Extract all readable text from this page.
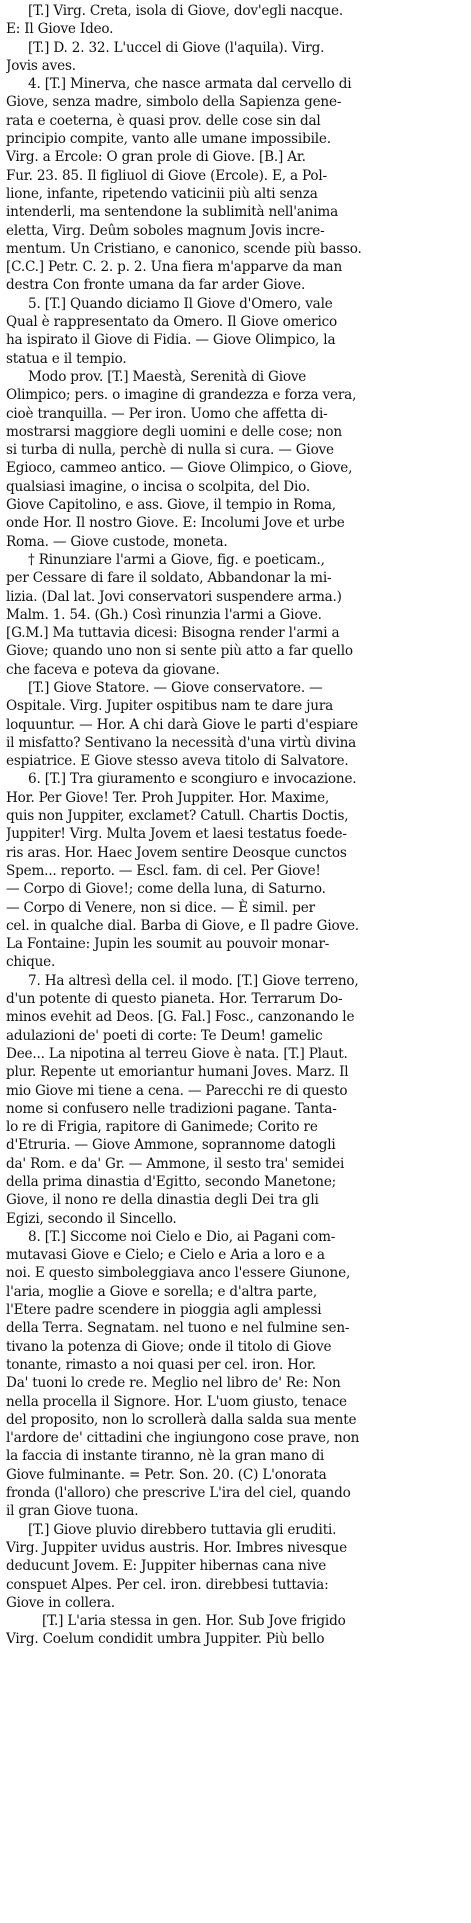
[T.] Virg. Creta, isola di Giove, dov'egli nacque.
E: Il Giove Ideo.
[T.] D. 2. 32. L'uccel di Giove (l'aquila). Virg.
Jovis aves.
4. [T.] Minerva, che nasce armata dal cervello di
Giove, senza madre, simbolo della Sapienza gene-
rata e coeterna, è quasi prov. delle cose sin dal
principio compite, vanto alle umane impossibile.
Virg. a Ercole: O gran prole di Giove. [B.] Ar.
Fur. 23. 85. Il figliuol di Giove (Ercole). E, a Pol-
lione, infante, ripetendo vaticinii più alti senza
intenderli, ma sentendone la sublimità nell'anima
eletta, Virg. Deûm soboles magnum Jovis incre-
mentum. Un Cristiano, e canonico, scende più basso.
[C.C.] Petr. C. 2. p. 2. Una fiera m'apparve da man
destra Con fronte umana da far arder Giove.
5. [T.] Quando diciamo Il Giove d'Omero, vale
Qual è rappresentato da Omero. Il Giove omerico
ha ispirato il Giove di Fidia. — Giove Olimpico, la
statua e il tempio.
Modo prov. [T.] Maestà, Serenità di Giove
Olimpico; pers. o imagine di grandezza e forza vera,
cioè tranquilla. — Per iron. Uomo che affetta di-
mostrarsi maggiore degli uomini e delle cose; non
si turba di nulla, perchè di nulla si cura. — Giove
Egioco, cammeo antico. — Giove Olimpico, o Giove,
qualsiasi imagine, o incisa o scolpita, del Dio.
Giove Capitolino, e ass. Giove, il tempio in Roma,
onde Hor. Il nostro Giove. E: Incolumi Jove et urbe
Roma. — Giove custode, moneta.
† Rinunziare l'armi a Giove, fig. e poeticam.,
per Cessare di fare il soldato, Abbandonar la mi-
lizia. (Dal lat. Jovi conservatori suspendere arma.)
Malm. 1. 54. (Gh.) Così rinunzia l'armi a Giove.
[G.M.] Ma tuttavia dicesi: Bisogna render l'armi a
Giove; quando uno non si sente più atto a far quello
che faceva e poteva da giovane.
[T.] Giove Statore. — Giove conservatore. —
Ospitale. Virg. Jupiter ospitibus nam te dare jura
loquuntur. — Hor. A chi darà Giove le parti d'espiare
il misfatto? Sentivano la necessità d'una virtù divina
espiatrice. E Giove stesso aveva titolo di Salvatore.
6. [T.] Tra giuramento e scongiuro e invocazione.
Hor. Per Giove! Ter. Proh Juppiter. Hor. Maxime,
quis non Juppiter, exclamet? Catull. Chartis Doctis,
Juppiter! Virg. Multa Jovem et laesi testatus foede-
ris aras. Hor. Haec Jovem sentire Deosque cunctos
Spem... reporto. — Escl. fam. di cel. Per Giove!
— Corpo di Giove!; come della luna, di Saturno.
— Corpo di Venere, non si dice. — È simil. per
cel. in qualche dial. Barba di Giove, e Il padre Giove.
La Fontaine: Jupin les soumit au pouvoir monar-
chique.
7. Ha altresì della cel. il modo. [T.] Giove terreno,
d'un potente di questo pianeta. Hor. Terrarum Do-
minos evehit ad Deos. [G. Fal.] Fosc., canzonando le
adulazioni de' poeti di corte: Te Deum! gamelic
Dee... La nipotina al terreu Giove è nata. [T.] Plaut.
plur. Repente ut emoriantur humani Joves. Marz. Il
mio Giove mi tiene a cena. — Parecchi re di questo
nome si confusero nelle tradizioni pagane. Tanta-
lo re di Frigia, rapitore di Ganimede; Corito re
d'Etruria. — Giove Ammone, soprannome datogli
da' Rom. e da' Gr. — Ammone, il sesto tra' semidei
della prima dinastia d'Egitto, secondo Manetone;
Giove, il nono re della dinastia degli Dei tra gli
Egizi, secondo il Sincello.
8. [T.] Siccome noi Cielo e Dio, ai Pagani com-
mutavasi Giove e Cielo; e Cielo e Aria a loro e a
noi. E questo simboleggiava anco l'essere Giunone,
l'aria, moglie a Giove e sorella; e d'altra parte,
l'Etere padre scendere in pioggia agli amplessi
della Terra. Segnatam. nel tuono e nel fulmine sen-
tivano la potenza di Giove; onde il titolo di Giove
tonante, rimasto a noi quasi per cel. iron. Hor.
Da' tuoni lo crede re. Meglio nel libro de' Re: Non
nella procella il Signore. Hor. L'uom giusto, tenace
del proposito, non lo scrollerà dalla salda sua mente
l'ardore de' cittadini che ingiungono cose prave, non
la faccia di instante tiranno, nè la gran mano di
Giove fulminante. = Petr. Son. 20. (C) L'onorata
fronda (l'alloro) che prescrive L'ira del ciel, quando
il gran Giove tuona.
[T.] Giove pluvio direbbero tuttavia gli eruditi.
Virg. Juppiter uvidus austris. Hor. Imbres nivesque
deducunt Jovem. E: Juppiter hibernas cana nive
conspuet Alpes. Per cel. iron. direbbesi tuttavia:
Giove in collera.
[T.] L'aria stessa in gen. Hor. Sub Jove frigido
Virg. Coelum condidit umbra Juppiter. Più bello
